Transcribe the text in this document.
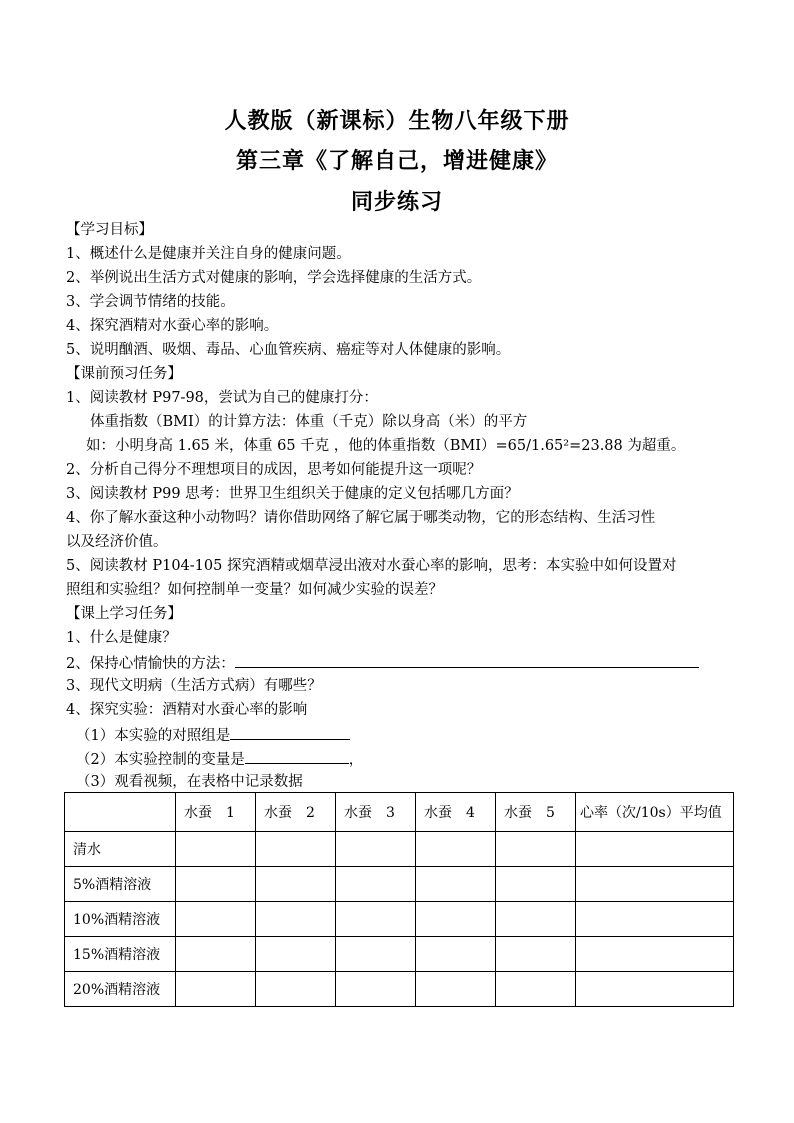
人教版（新课标）生物八年级下册
第三章《了解自己，增进健康》
同步练习
【学习目标】
1、概述什么是健康并关注自身的健康问题。
2、举例说出生活方式对健康的影响，学会选择健康的生活方式。
3、学会调节情绪的技能。
4、探究酒精对水蚕心率的影响。
5、说明酗酒、吸烟、毒品、心血管疾病、癌症等对人体健康的影响。
【课前预习任务】
1、阅读教材 P97-98，尝试为自己的健康打分：
体重指数（BMI）的计算方法：体重（千克）除以身高（米）的平方
如：小明身高 1.65 米，体重 65 千克 ，他的体重指数（BMI）=65/1.65²=23.88 为超重。
2、分析自己得分不理想项目的成因，思考如何能提升这一项呢？
3、阅读教材 P99 思考：世界卫生组织关于健康的定义包括哪几方面？
4、你了解水蚕这种小动物吗？请你借助网络了解它属于哪类动物，它的形态结构、生活习性
以及经济价值。
5、阅读教材 P104-105 探究酒精或烟草浸出液对水蚕心率的影响，思考：本实验中如何设置对
照组和实验组？如何控制单一变量？如何减少实验的误差？
【课上学习任务】
1、什么是健康？
2、保持心情愉快的方法：
3、现代文明病（生活方式病）有哪些？
4、探究实验：酒精对水蚕心率的影响
（1）本实验的对照组是
（2）本实验控制的变量是	，
（3）观看视频，在表格中记录数据
	水蚕　1	水蚕　2	水蚕　3	水蚕　4	水蚕　5	心率（次/10s）平均值
清水						
5%酒精溶液						
10%酒精溶液						
15%酒精溶液						
20%酒精溶液						
